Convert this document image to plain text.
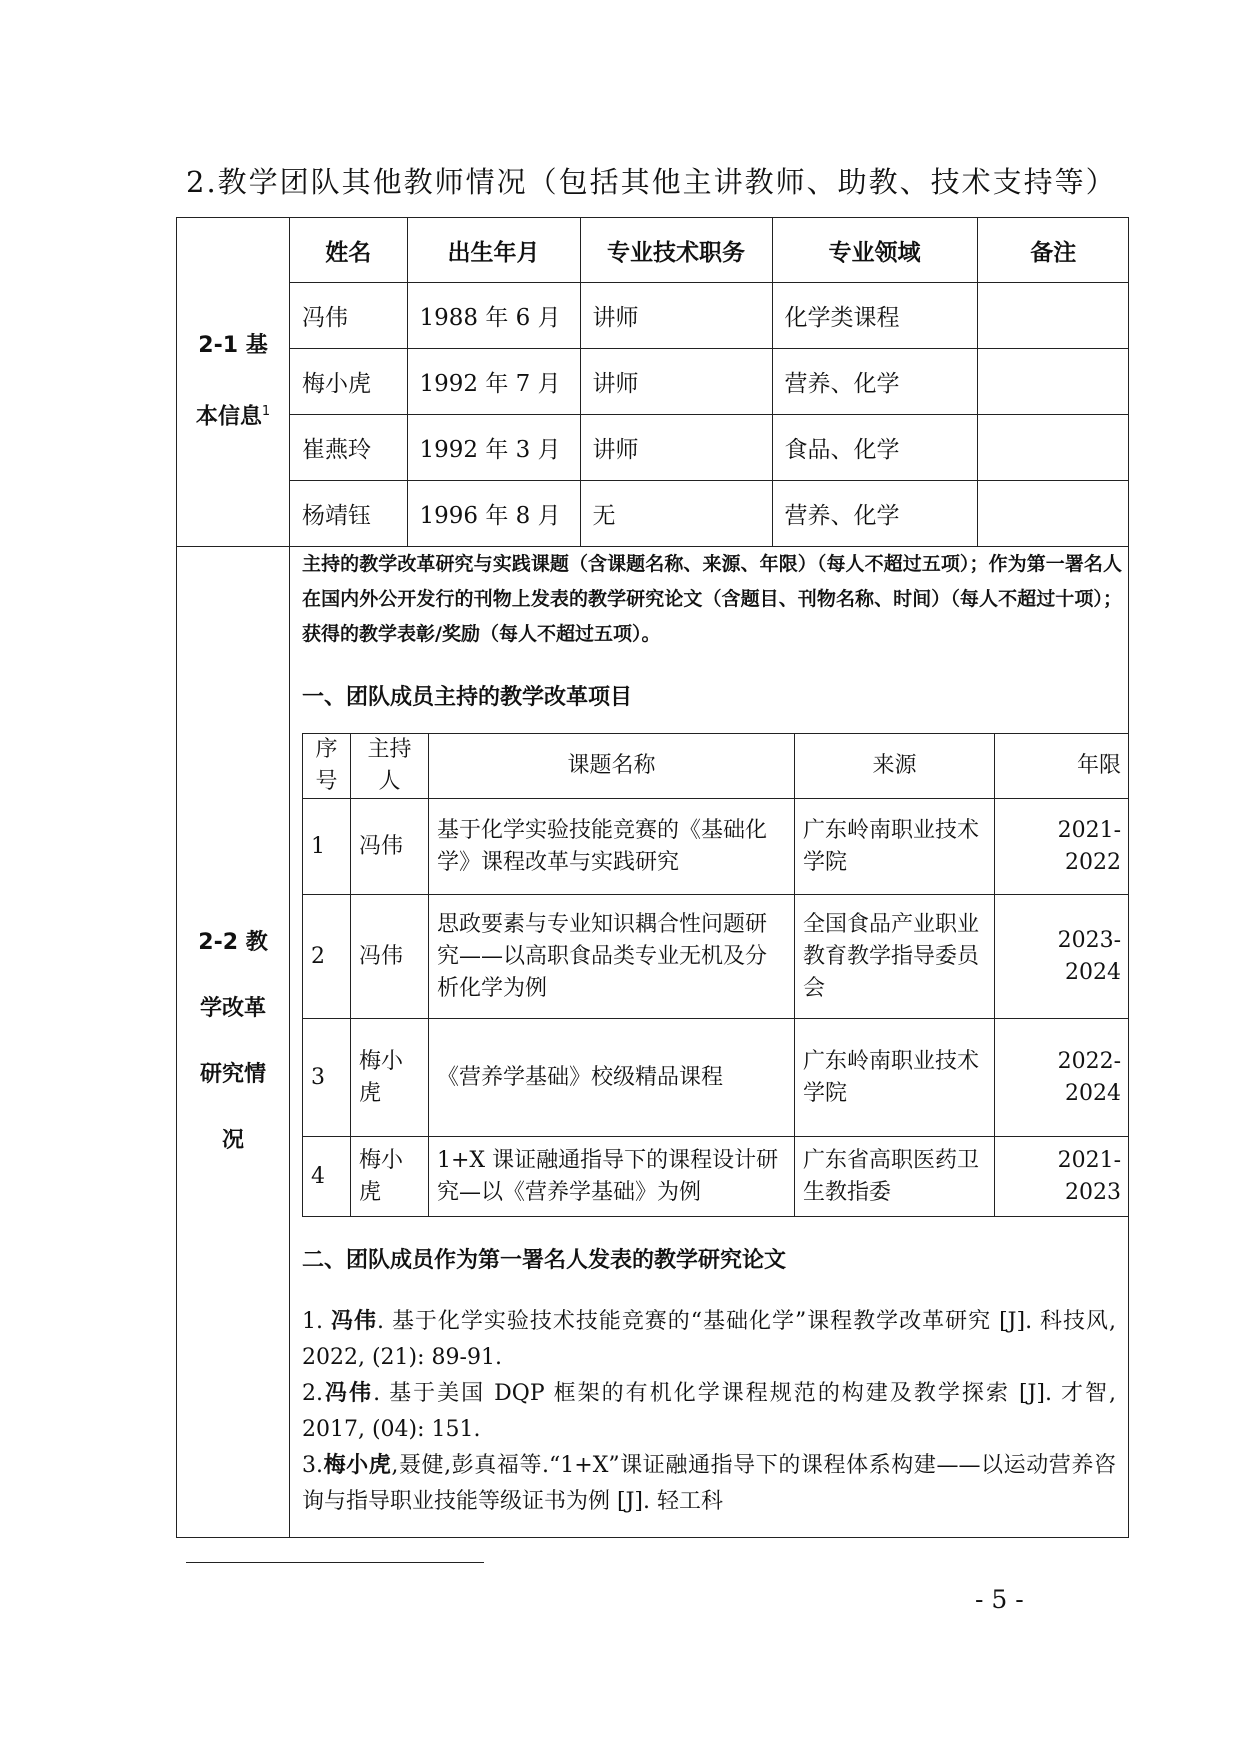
2.教学团队其他教师情况（包括其他主讲教师、助教、技术支持等）
2-1 基本信息$^1$

姓名	出生年月	专业技术职务	专业领域	备注
冯伟	1988 年 6 月	讲师	化学类课程	
梅小虎	1992 年 7 月	讲师	营养、化学	
崔燕玲	1992 年 3 月	讲师	食品、化学	
杨靖钰	1996 年 8 月	无	营养、化学	

2-2 教学改革研究情况

主持的教学改革研究与实践课题（含课题名称、来源、年限）（每人不超过五项）；作为第一署名人在国内外公开发行的刊物上发表的教学研究论文（含题目、刊物名称、时间）（每人不超过十项）；获得的教学表彰/奖励（每人不超过五项）。
一、团队成员主持的教学改革项目
序号	主持人	课题名称	来源	年限
1	冯伟	基于化学实验技能竞赛的《基础化学》课程改革与实践研究	广东岭南职业技术学院	2021-2022
2	冯伟	思政要素与专业知识耦合性问题研究——以高职食品类专业无机及分析化学为例	全国食品产业职业教育教学指导委员会	2023-2024
3	梅小虎	《营养学基础》校级精品课程	广东岭南职业技术学院	2022-2024
4	梅小虎	1+X 课证融通指导下的课程设计研究—以《营养学基础》为例	广东省高职医药卫生教指委	2021-2023
二、团队成员作为第一署名人发表的教学研究论文
1. 冯伟. 基于化学实验技术技能竞赛的“基础化学”课程教学改革研究 [J]. 科技风, 2022, (21): 89-91.
2.冯伟. 基于美国 DQP 框架的有机化学课程规范的构建及教学探索 [J]. 才智, 2017, (04): 151.
3.梅小虎,聂健,彭真福等.“1+X”课证融通指导下的课程体系构建——以运动营养咨询与指导职业技能等级证书为例 [J]. 轻工科
- 5 -
